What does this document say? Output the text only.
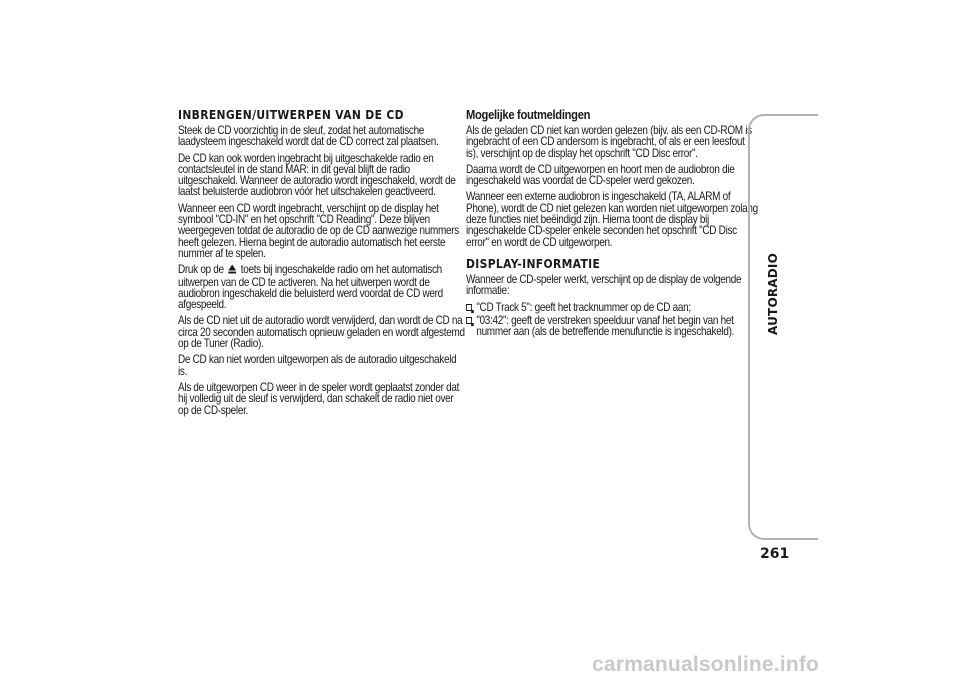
INBRENGEN/UITWERPEN VAN DE CD

Steek de CD voorzichtig in de sleuf, zodat het automatische laadysteem ingeschakeld wordt dat de CD correct zal plaatsen.

De CD kan ook worden ingebracht bij uitgeschakelde radio en contactsleutel in de stand MAR: in dit geval blijft de radio uitgeschakeld. Wanneer de autoradio wordt ingeschakeld, wordt de laatst beluisterde audiobron vóór het uitschakelen geactiveerd.

Wanneer een CD wordt ingebracht, verschijnt op de display het symbool "CD-IN" en het opschrift "CD Reading". Deze blijven weergegeven totdat de autoradio de op de CD aanwezige nummers heeft gelezen. Hierna begint de autoradio automatisch het eerste nummer af te spelen.

Druk op de toets bij ingeschakelde radio om het automatisch uitwerpen van de CD te activeren. Na het uitwerpen wordt de audiobron ingeschakeld die beluisterd werd voordat de CD werd afgespeeld.

Als de CD niet uit de autoradio wordt verwijderd, dan wordt de CD na circa 20 seconden automatisch opnieuw geladen en wordt afgestemd op de Tuner (Radio).

De CD kan niet worden uitgeworpen als de autoradio uitgeschakeld is.

Als de uitgeworpen CD weer in de speler wordt geplaatst zonder dat hij volledig uit de sleuf is verwijderd, dan schakelt de radio niet over op de CD-speler.

Mogelijke foutmeldingen

Als de geladen CD niet kan worden gelezen (bijv. als een CD-ROM is ingebracht of een CD andersom is ingebracht, of als er een leesfout is), verschijnt op de display het opschrift "CD Disc error".

Daarna wordt de CD uitgeworpen en hoort men de audiobron die ingeschakeld was voordat de CD-speler werd gekozen.

Wanneer een externe audiobron is ingeschakeld (TA, ALARM of Phone), wordt de CD niet gelezen kan worden niet uitgeworpen zolang deze functies niet beëindigd zijn. Hierna toont de display bij ingeschakelde CD-speler enkele seconden het opschrift "CD Disc error" en wordt de CD uitgeworpen.

DISPLAY-INFORMATIE

Wanneer de CD-speler werkt, verschijnt op de display de volgende informatie:

"CD Track 5": geeft het tracknummer op de CD aan;
"03:42": geeft de verstreken speelduur vanaf het begin van het nummer aan (als de betreffende menufunctie is ingeschakeld).	AUTORADIO
261
carmanualsonline.info
